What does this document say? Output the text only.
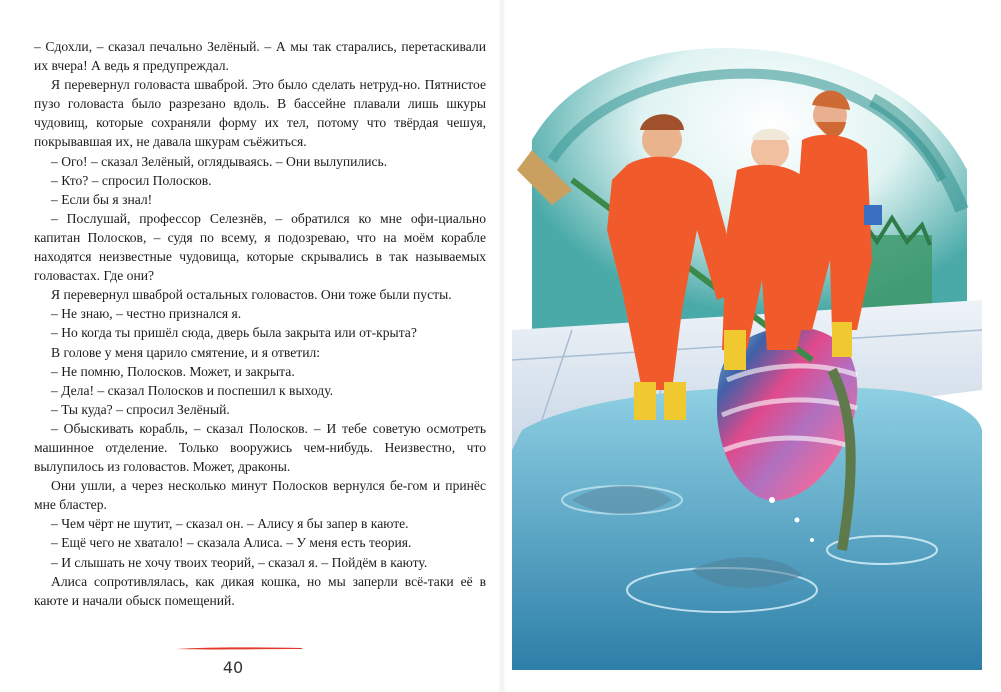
– Сдохли, – сказал печально Зелёный. – А мы так старались, перетаскивали их вчера! А ведь я предупреждал.

Я перевернул головаста шваброй. Это было сделать нетруд-но. Пятнистое пузо головаста было разрезано вдоль. В бассейне плавали лишь шкуры чудовищ, которые сохраняли форму их тел, потому что твёрдая чешуя, покрывавшая их, не давала шкурам съёжиться.

– Ого! – сказал Зелёный, оглядываясь. – Они вылупились.

– Кто? – спросил Полосков.

– Если бы я знал!

– Послушай, профессор Селезнёв, – обратился ко мне офи-циально капитан Полосков, – судя по всему, я подозреваю, что на моём корабле находятся неизвестные чудовища, которые скрывались в так называемых головастах. Где они?

Я перевернул шваброй остальных головастов. Они тоже были пусты.

– Не знаю, – честно признался я.

– Но когда ты пришёл сюда, дверь была закрыта или от-крыта?

В голове у меня царило смятение, и я ответил:

– Не помню, Полосков. Может, и закрыта.

– Дела! – сказал Полосков и поспешил к выходу.

– Ты куда? – спросил Зелёный.

– Обыскивать корабль, – сказал Полосков. – И тебе советую осмотреть машинное отделение. Только вооружись чем-нибудь. Неизвестно, что вылупилось из головастов. Может, драконы.

Они ушли, а через несколько минут Полосков вернулся бе-гом и принёс мне бластер.

– Чем чёрт не шутит, – сказал он. – Алису я бы запер в каюте.

– Ещё чего не хватало! – сказала Алиса. – У меня есть теория.

– И слышать не хочу твоих теорий, – сказал я. – Пойдём в каюту.

Алиса сопротивлялась, как дикая кошка, но мы заперли всё-таки её в каюте и начали обыск помещений.

40
